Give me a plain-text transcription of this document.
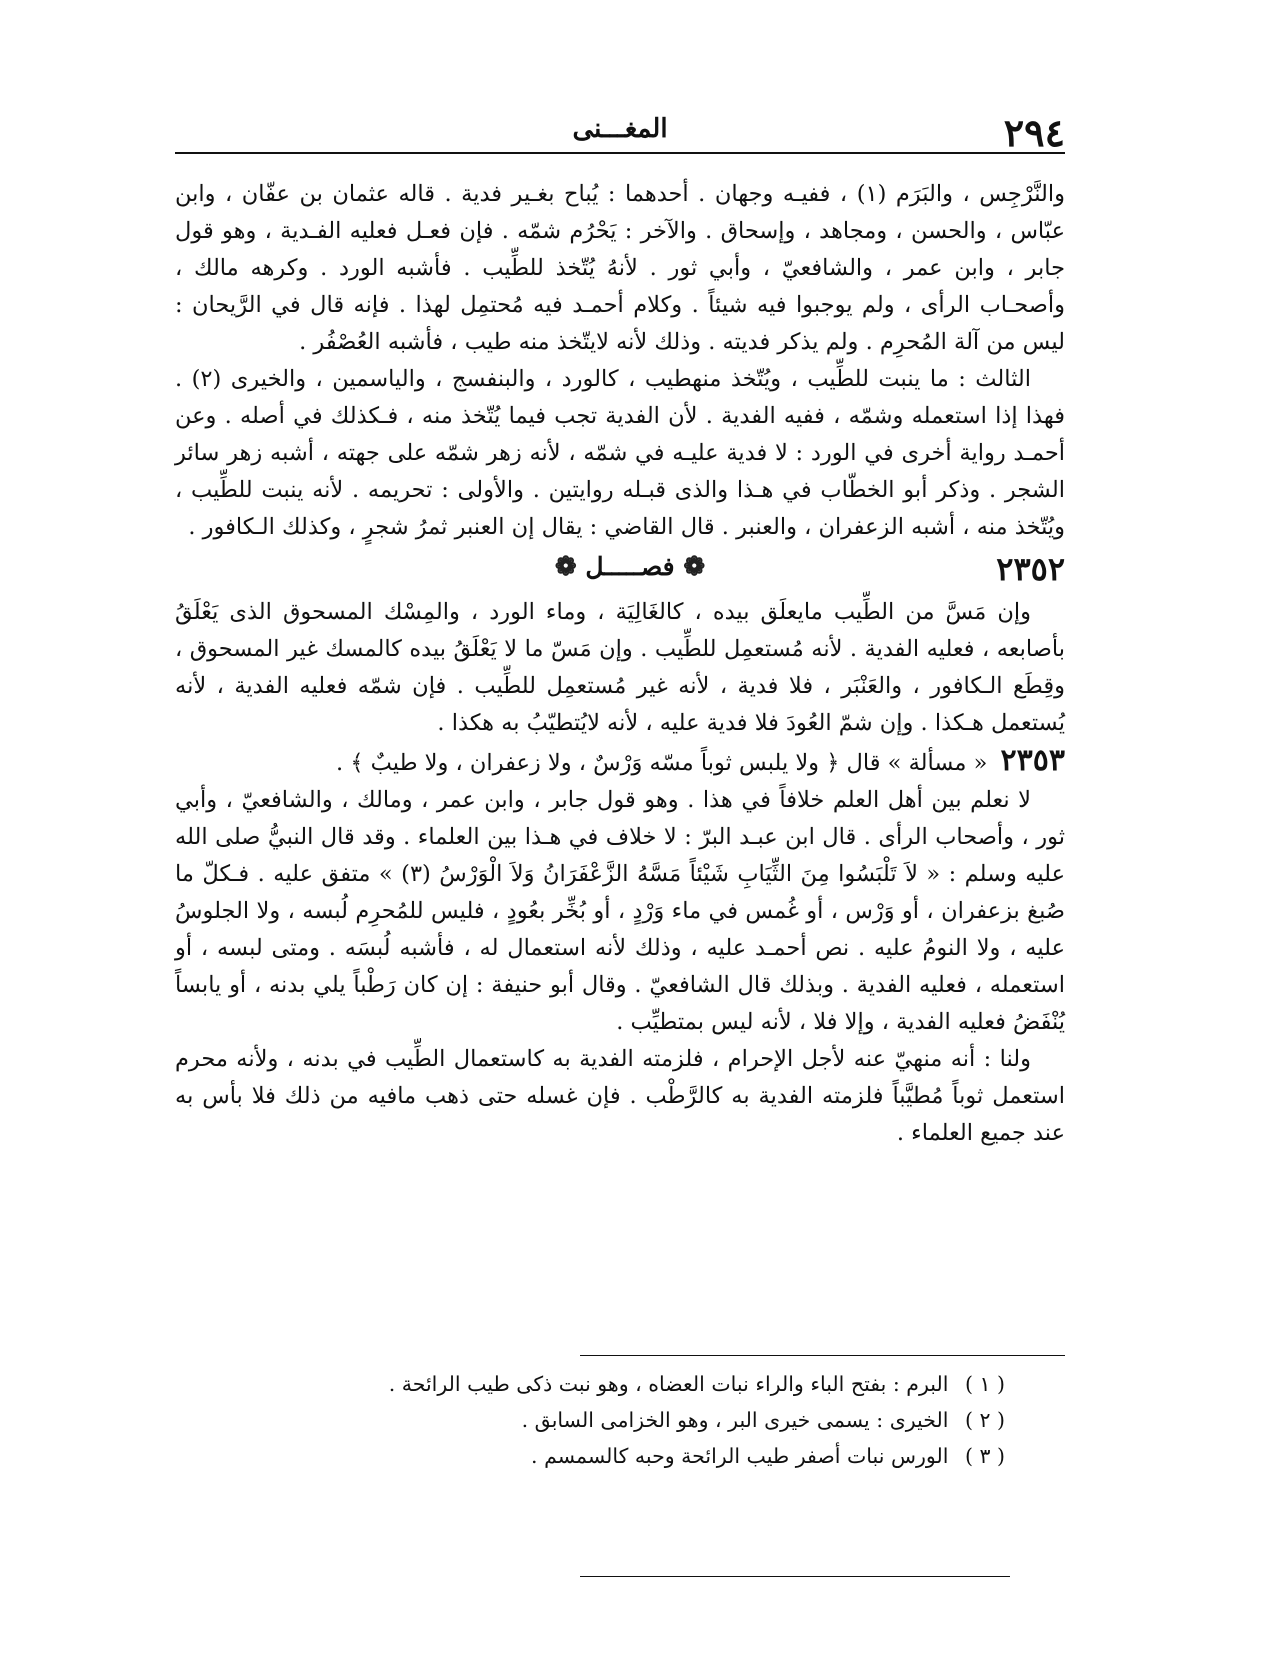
٢٩٤
المغـــنى

والنَّرْجِس ، والبَرَم (١) ، ففيـه وجهان . أحدهما : يُباح بغـير فدية . قاله عثمان بن عفّان ، وابن عبّاس ، والحسن ، ومجاهد ، وإسحاق . والآخر : يَحْرُم شمّه . فإن فعـل فعليه الفـدية ، وهو قول جابر ، وابن عمر ، والشافعيّ ، وأبي ثور . لأنهُ يُتّخذ للطِّيب . فأشبه الورد . وكرهه مالك ، وأصحـاب الرأى ، ولم يوجبوا فيه شيئاً . وكلام أحمـد فيه مُحتمِل لهذا . فإنه قال في الرَّيحان : ليس من آلة المُحرِم . ولم يذكر فديته . وذلك لأنه لايتّخذ منه طيب ، فأشبه العُصْفُر .

الثالث : ما ينبت للطِّيب ، ويُتّخذ منهطيب ، كالورد ، والبنفسج ، والياسمين ، والخيرى (٢) . فهذا إذا استعمله وشمّه ، ففيه الفدية . لأن الفدية تجب فيما يُتّخذ منه ، فـكذلك في أصله . وعن أحمـد رواية أخرى في الورد : لا فدية عليـه في شمّه ، لأنه زهر شمّه على جهته ، أشبه زهر سائر الشجر . وذكر أبو الخطّاب في هـذا والذى قبـله روايتين . والأولى : تحريمه . لأنه ينبت للطِّيب ، ويُتّخذ منه ، أشبه الزعفران ، والعنبر . قال القاضي : يقال إن العنبر ثمرُ شجرٍ ، وكذلك الـكافور .

٢٣٥٢
❁ فصـــــل ❁

وإن مَسَّ من الطِّيب مايعلَق بيده ، كالغَالِيَة ، وماء الورد ، والمِسْك المسحوق الذى يَعْلَقُ بأصابعه ، فعليه الفدية . لأنه مُستعمِل للطِّيب . وإن مَسّ ما لا يَعْلَقُ بيده كالمسك غير المسحوق ، وقِطَع الـكافور ، والعَنْبَر ، فلا فدية ، لأنه غير مُستعمِل للطِّيب . فإن شمّه فعليه الفدية ، لأنه يُستعمل هـكذا . وإن شمّ العُودَ فلا فدية عليه ، لأنه لايُتطيّبُ به هكذا .

٢٣٥٣ « مسألة » قال ﴿ ولا يلبس ثوباً مسّه وَرْسٌ ، ولا زعفران ، ولا طيبٌ ﴾ .

لا نعلم بين أهل العلم خلافاً في هذا . وهو قول جابر ، وابن عمر ، ومالك ، والشافعيّ ، وأبي ثور ، وأصحاب الرأى . قال ابن عبـد البرّ : لا خلاف في هـذا بين العلماء . وقد قال النبيُّ صلى الله عليه وسلم : « لاَ تَلْبَسُوا مِنَ الثِّيَابِ شَيْئاً مَسَّهُ الزَّعْفَرَانُ وَلاَ الْوَرْسُ (٣) » متفق عليه . فـكلّ ما صُبغ بزعفران ، أو وَرْس ، أو غُمس في ماء وَرْدٍ ، أو بُخِّر بعُودٍ ، فليس للمُحرِم لُبسه ، ولا الجلوسُ عليه ، ولا النومُ عليه . نص أحمـد عليه ، وذلك لأنه استعمال له ، فأشبه لُبسَه . ومتى لبسه ، أو استعمله ، فعليه الفدية . وبذلك قال الشافعيّ . وقال أبو حنيفة : إن كان رَطْباً يلي بدنه ، أو يابساً يُنْفَضُ فعليه الفدية ، وإلا فلا ، لأنه ليس بمتطيِّب .

ولنا : أنه منهيّ عنه لأجل الإحرام ، فلزمته الفدية به كاستعمال الطِّيب في بدنه ، ولأنه محرم استعمل ثوباً مُطيَّباً فلزمته الفدية به كالرَّطْب . فإن غسله حتى ذهب مافيه من ذلك فلا بأس به عند جميع العلماء .

( ١ ) البرم : بفتح الباء والراء نبات العضاه ، وهو نبت ذكى طيب الرائحة .

( ٢ ) الخيرى : يسمى خيرى البر ، وهو الخزامى السابق .

( ٣ ) الورس نبات أصفر طيب الرائحة وحبه كالسمسم .
